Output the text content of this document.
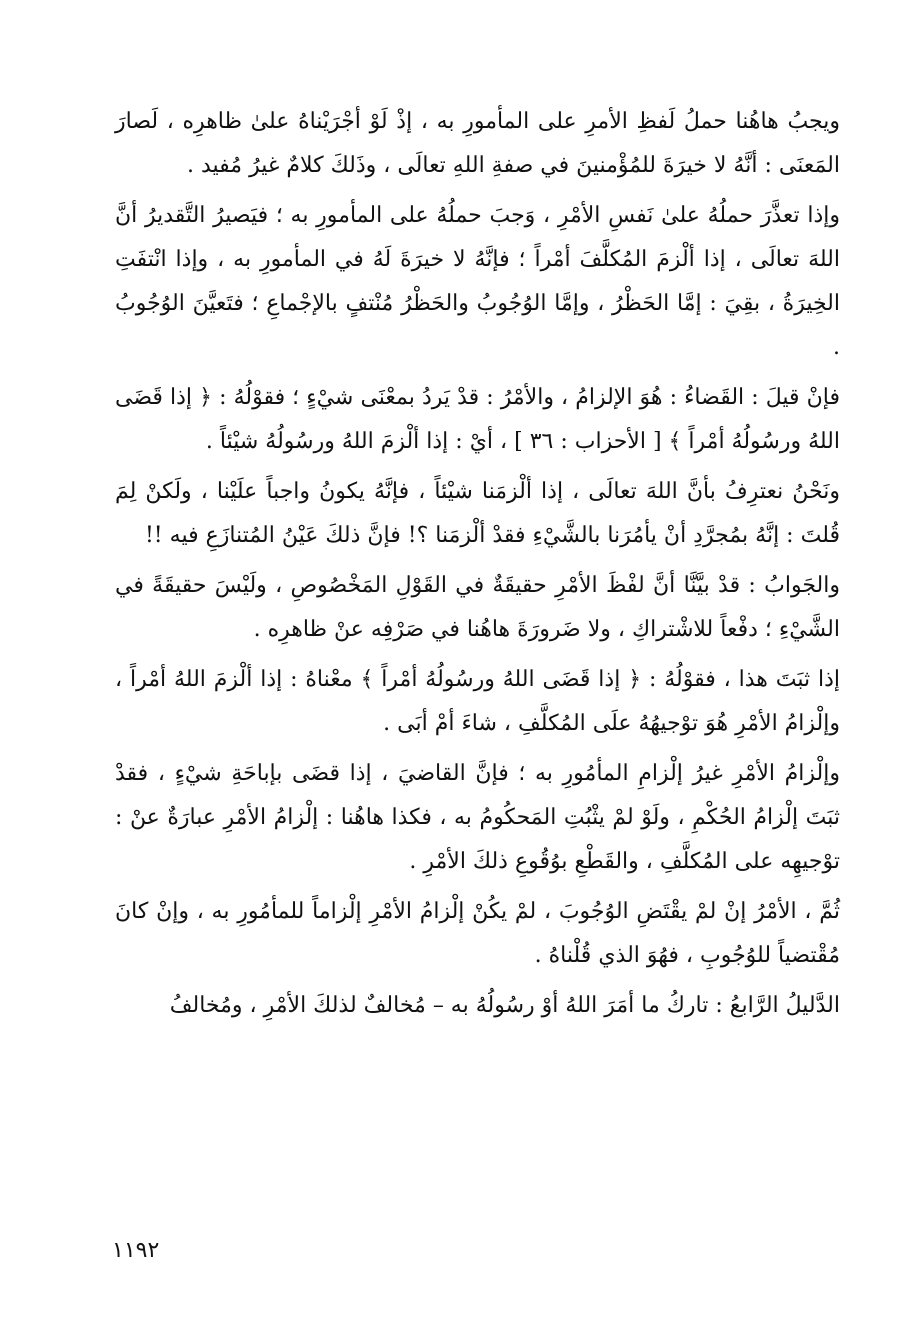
ويجبُ هاهُنا حملُ لَفظِ الأمرِ على المأمورِ به ، إذْ لَوْ أجْرَيْناهُ علىٰ ظاهرِه ، لَصارَ المَعنَى : أنَّهُ لا خيرَةَ للمُؤْمنينَ في صفةِ اللهِ تعالَى ، وذَلكَ كلامٌ غيرُ مُفيد .

وإذا تعذَّرَ حملُهُ علىٰ نَفسِ الأمْرِ ، وَجبَ حملُهُ على المأمورِ به ؛ فيَصيرُ التَّقديرُ أنَّ اللهَ تعالَى ، إذا ألْزمَ المُكلَّفَ أمْراً ؛ فإنَّهُ لا خيرَةَ لَهُ في المأمورِ به ، وإذا انْتفَتِ الخِيرَةُ ، بقِيَ : إمَّا الحَظْرُ ، وإمَّا الوُجُوبُ والحَظْرُ مُنْتفٍ بالإجْماعِ ؛ فتَعيَّنَ الوُجُوبُ .

فإنْ قيلَ : القَضاءُ : هُوَ الإلزامُ ، والأمْرُ : قدْ يَردُ بمعْنَى شيْءٍ ؛ فقوْلُهُ : ﴿ إذا قَضَى اللهُ ورسُولُهُ أمْراً ﴾ [ الأحزاب : ٣٦ ] ، أيْ : إذا ألْزمَ اللهُ ورسُولُهُ شيْئاً .

ونَحْنُ نعترِفُ بأنَّ اللهَ تعالَى ، إذا ألْزمَنا شيْئاً ، فإنَّهُ يكونُ واجباً علَيْنا ، ولَكنْ لِمَ قُلتَ : إنَّهُ بمُجرَّدِ أنْ يأمُرَنا بالشَّيْءِ فقدْ ألْزمَنا ؟! فإنَّ ذلكَ عَيْنُ المُتنازَعِ فيه !!

والجَوابُ : قدْ بيَّنَّا أنَّ لفْظَ الأمْرِ حقيقَةٌ في القَوْلِ المَخْصُوصِ ، ولَيْسَ حقيقَةً في الشَّيْءِ ؛ دفْعاً للاشْتراكِ ، ولا ضَرورَةَ هاهُنا في صَرْفِه عنْ ظاهرِه .

إذا ثبَتَ هذا ، فقوْلُهُ : ﴿ إذا قَضَى اللهُ ورسُولُهُ أمْراً ﴾ معْناهُ : إذا ألْزمَ اللهُ أمْراً ، وإلْزامُ الأمْرِ هُوَ توْجيهُهُ علَى المُكلَّفِ ، شاءَ أمْ أبَى .

وإلْزامُ الأمْرِ غيرُ إلْزامِ المأمُورِ به ؛ فإنَّ القاضيَ ، إذا قضَى بإباحَةِ شيْءٍ ، فقدْ ثبَتَ إلْزامُ الحُكْمِ ، ولَوْ لمْ يثْبُتِ المَحكُومُ به ، فكذا هاهُنا : إلْزامُ الأمْرِ عبارَةٌ عنْ : توْجيهِه على المُكلَّفِ ، والقَطْعِ بوُقُوعِ ذلكَ الأمْرِ .

ثُمَّ ، الأمْرُ إنْ لمْ يقْتَضِ الوُجُوبَ ، لمْ يكُنْ إلْزامُ الأمْرِ إلْزاماً للمأمُورِ به ، وإنْ كانَ مُقْتضياً للوُجُوبِ ، فهُوَ الذي قُلْناهُ .

الدَّليلُ الرَّابعُ : تاركُ ما أمَرَ اللهُ أوْ رسُولُهُ به – مُخالفٌ لذلكَ الأمْرِ ، ومُخالفُ

١١٩٢
